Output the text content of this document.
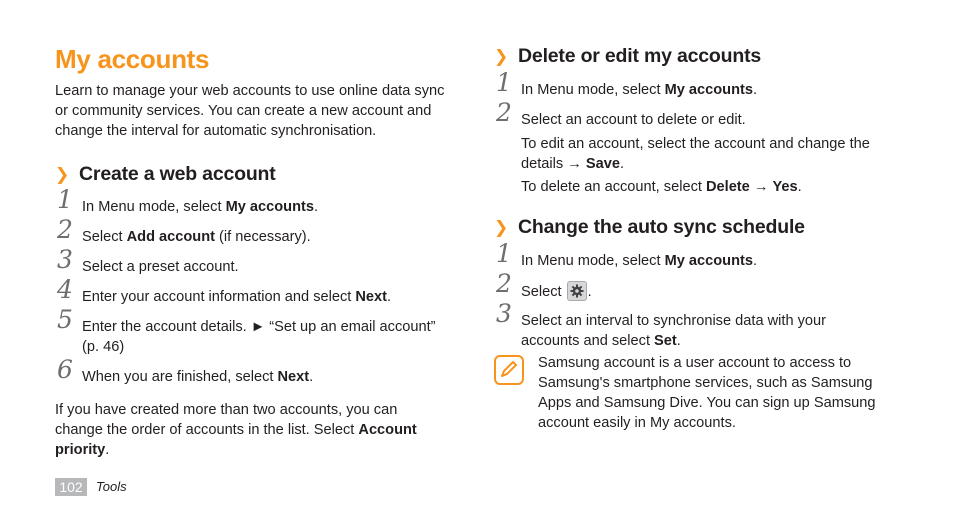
My accounts

Learn to manage your web accounts to use online data sync or community services. You can create a new account and change the interval for automatic synchronisation.

❯ Create a web account
1 In Menu mode, select My accounts.
2 Select Add account (if necessary).
3 Select a preset account.
4 Enter your account information and select Next.
5 Enter the account details. ► “Set up an email account”
(p. 46)
6 When you are finished, select Next.

If you have created more than two accounts, you can change the order of accounts in the list. Select Account priority.

❯ Delete or edit my accounts
1 In Menu mode, select My accounts.
2 Select an account to delete or edit.

To edit an account, select the account and change the details → Save.

To delete an account, select Delete → Yes.

❯ Change the auto sync schedule
1 In Menu mode, select My accounts.
2 Select
.
3 Select an interval to synchronise data with your accounts and select Set.

Samsung account is a user account to access to Samsung's smartphone services, such as Samsung Apps and Samsung Dive. You can sign up Samsung account easily in My accounts.

102	Tools
